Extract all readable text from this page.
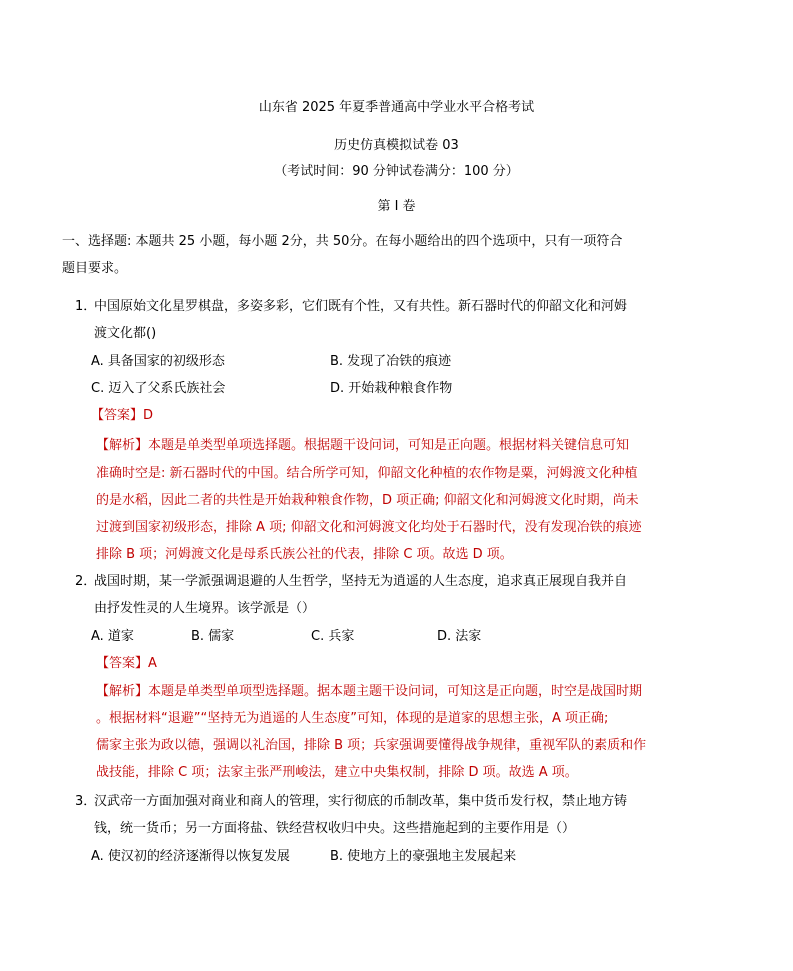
山东省 2025 年夏季普通高中学业水平合格考试
历史仿真模拟试卷 03
（考试时间：90 分钟试卷满分：100 分）
第 I 卷
一、选择题: 本题共 25 小题，每小题 2分，共 50分。在每小题给出的四个选项中，只有一项符合
题目要求。
1．
中国原始文化星罗棋盘，多姿多彩，它们既有个性，又有共性。新石器时代的仰韶文化和河姆
渡文化都()
A. 具备国家的初级形态	B. 发现了冶铁的痕迹
C. 迈入了父系氏族社会	D. 开始栽种粮食作物
【答案】D
【解析】本题是单类型单项选择题。根据题干设问词，可知是正向题。根据材料关键信息可知
准确时空是: 新石器时代的中国。结合所学可知，仰韶文化种植的农作物是粟，河姆渡文化种植
的是水稻，因此二者的共性是开始栽种粮食作物，D 项正确; 仰韶文化和河姆渡文化时期，尚未
过渡到国家初级形态，排除 A 项; 仰韶文化和河姆渡文化均处于石器时代，没有发现冶铁的痕迹
排除 B 项；河姆渡文化是母系氏族公社的代表，排除 C 项。故选 D 项。
2．
战国时期，某一学派强调退避的人生哲学，坚持无为逍遥的人生态度，追求真正展现自我并自
由抒发性灵的人生境界。该学派是（）
A. 道家	B. 儒家	C. 兵家	D. 法家
【答案】A
【解析】本题是单类型单项型选择题。据本题主题干设问词，可知这是正向题，时空是战国时期
。根据材料“退避”“坚持无为逍遥的人生态度”可知，体现的是道家的思想主张，A 项正确;
儒家主张为政以德，强调以礼治国，排除 B 项；兵家强调要懂得战争规律，重视军队的素质和作
战技能，排除 C 项；法家主张严刑峻法，建立中央集权制，排除 D 项。故选 A 项。
3．
汉武帝一方面加强对商业和商人的管理，实行彻底的币制改革，集中货币发行权，禁止地方铸
钱，统一货币；另一方面将盐、铁经营权收归中央。这些措施起到的主要作用是（）
A. 使汉初的经济逐渐得以恢复发展	B. 使地方上的豪强地主发展起来
